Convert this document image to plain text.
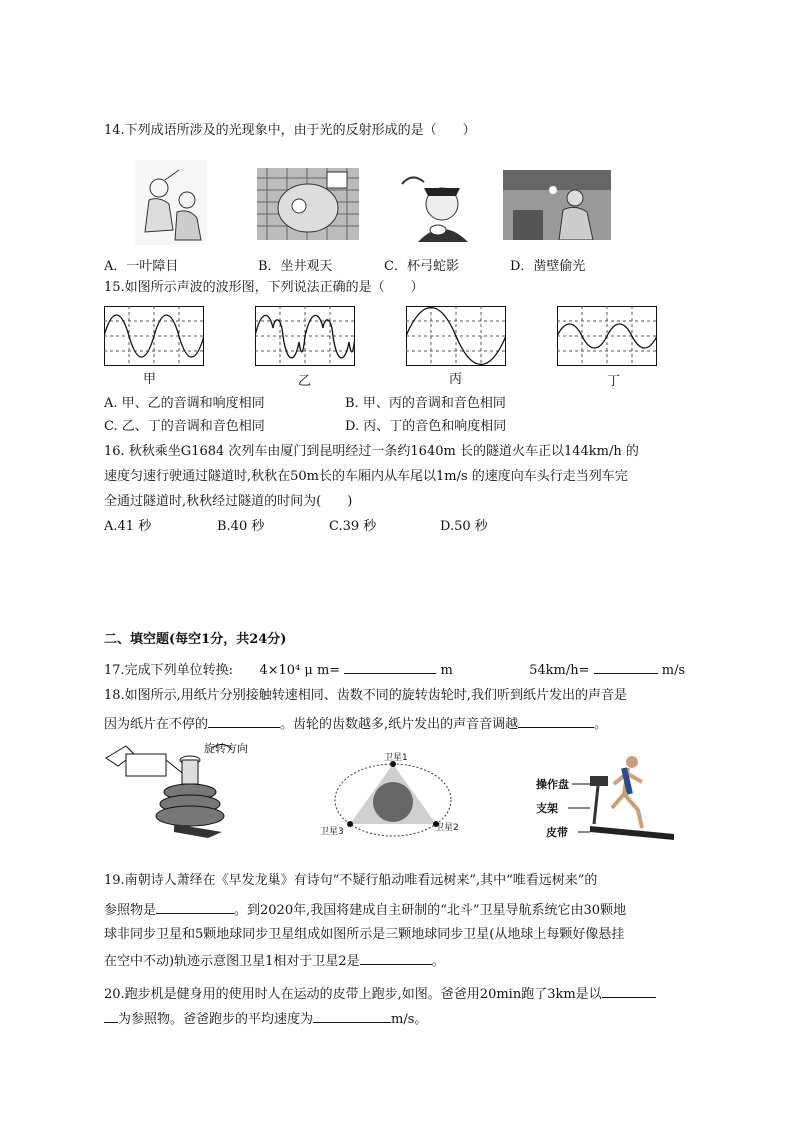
14.下列成语所涉及的光现象中，由于光的反射形成的是（　　）
A．一叶障目	B．坐井观天	C．杯弓蛇影	D．凿壁偷光
15.如图所示声波的波形图，下列说法正确的是（　　）
甲	乙	丙	丁
A. 甲、乙的音调和响度相同	B. 甲、丙的音调和音色相同
C. 乙、丁的音调和音色相同	D. 丙、丁的音色和响度相同
16. 秋秋乘坐G1684 次列车由厦门到昆明经过一条约1640m 长的隧道火车正以144km/h 的
速度匀速行驶通过隧道时,秋秋在50m长的车厢内从车尾以1m/s 的速度向车头行走当列车完
全通过隧道时,秋秋经过隧道的时间为(　　)
A.41 秒	B.40 秒	C.39 秒	D.50 秒
二、填空题(每空1分，共24分)
17.完成下列单位转换: 4×10⁴ μ m=	m	54km/h=	m/s
18.如图所示,用纸片分别接触转速相同、齿数不同的旋转齿轮时,我们听到纸片发出的声音是
因为纸片在不停的	。齿轮的齿数越多,纸片发出的声音音调越	。
旋转方向
卫星1
卫星2
卫星3
操作盘
支架
皮带
19.南朝诗人萧绎在《早发龙巢》有诗句“不疑行船动唯看远树来”,其中“唯看远树来”的
参照物是	。到2020年,我国将建成自主研制的“北斗”卫星导航系统它由30颗地
球非同步卫星和5颗地球同步卫星组成如图所示是三颗地球同步卫星(从地球上每颗好像悬挂
在空中不动)轨迹示意图卫星1相对于卫星2是	。
20.跑步机是健身用的使用时人在运动的皮带上跑步,如图。爸爸用20min跑了3km是以
为参照物。爸爸跑步的平均速度为	m/s。
